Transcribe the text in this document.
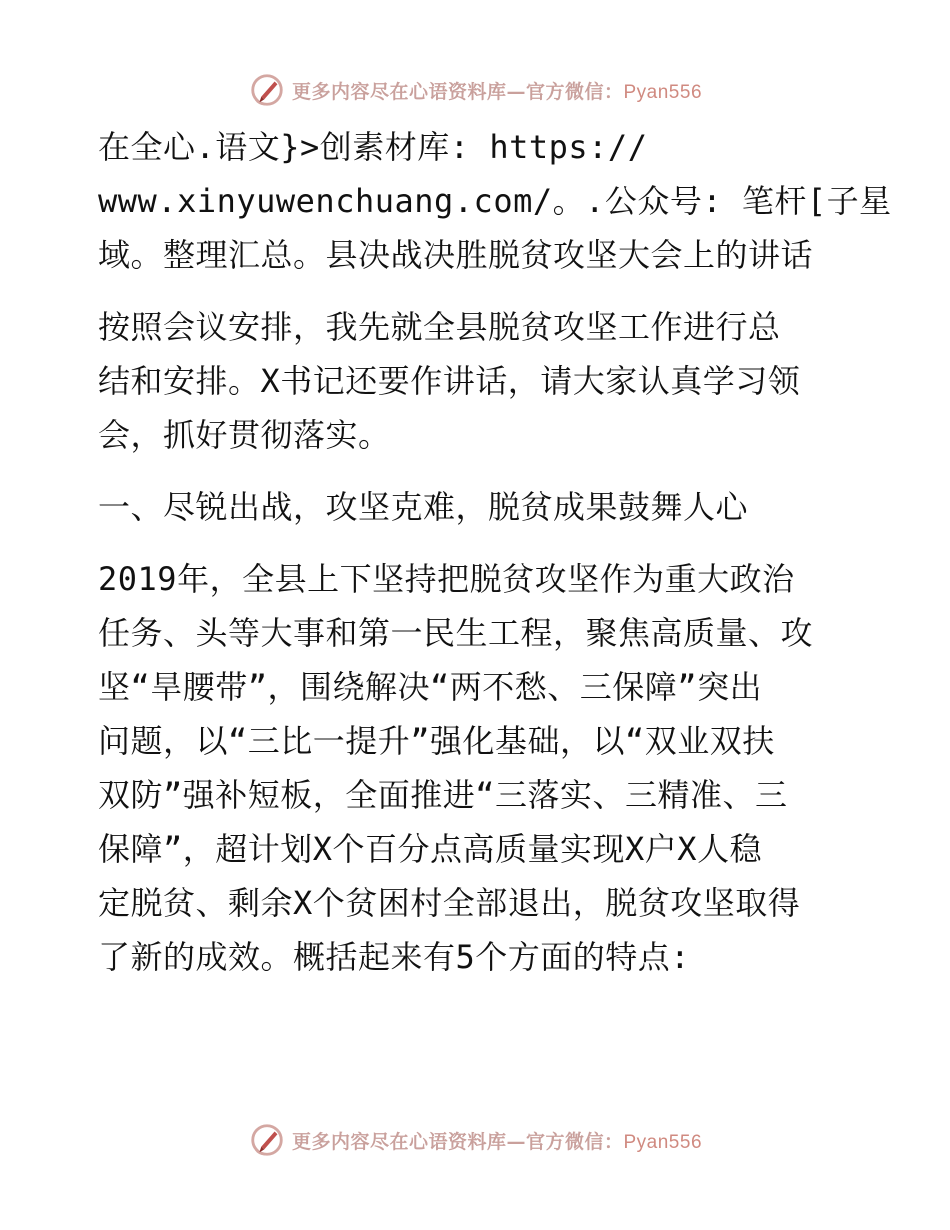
更多内容尽在心语资料库—官方微信：Pyan556
在全心.语文}>创素材库: https://
www.xinyuwenchuang.com/。.公众号: 笔杆[子星
域。整理汇总。县决战决胜脱贫攻坚大会上的讲话
按照会议安排，我先就全县脱贫攻坚工作进行总
结和安排。X书记还要作讲话，请大家认真学习领
会，抓好贯彻落实。
一、尽锐出战，攻坚克难，脱贫成果鼓舞人心
2019年，全县上下坚持把脱贫攻坚作为重大政治
任务、头等大事和第一民生工程，聚焦高质量、攻
坚“旱腰带”，围绕解决“两不愁、三保障”突出
问题，以“三比一提升”强化基础，以“双业双扶
双防”强补短板，全面推进“三落实、三精准、三
保障”，超计划X个百分点高质量实现X户X人稳
定脱贫、剩余X个贫困村全部退出，脱贫攻坚取得
了新的成效。概括起来有5个方面的特点:
更多内容尽在心语资料库—官方微信：Pyan556
